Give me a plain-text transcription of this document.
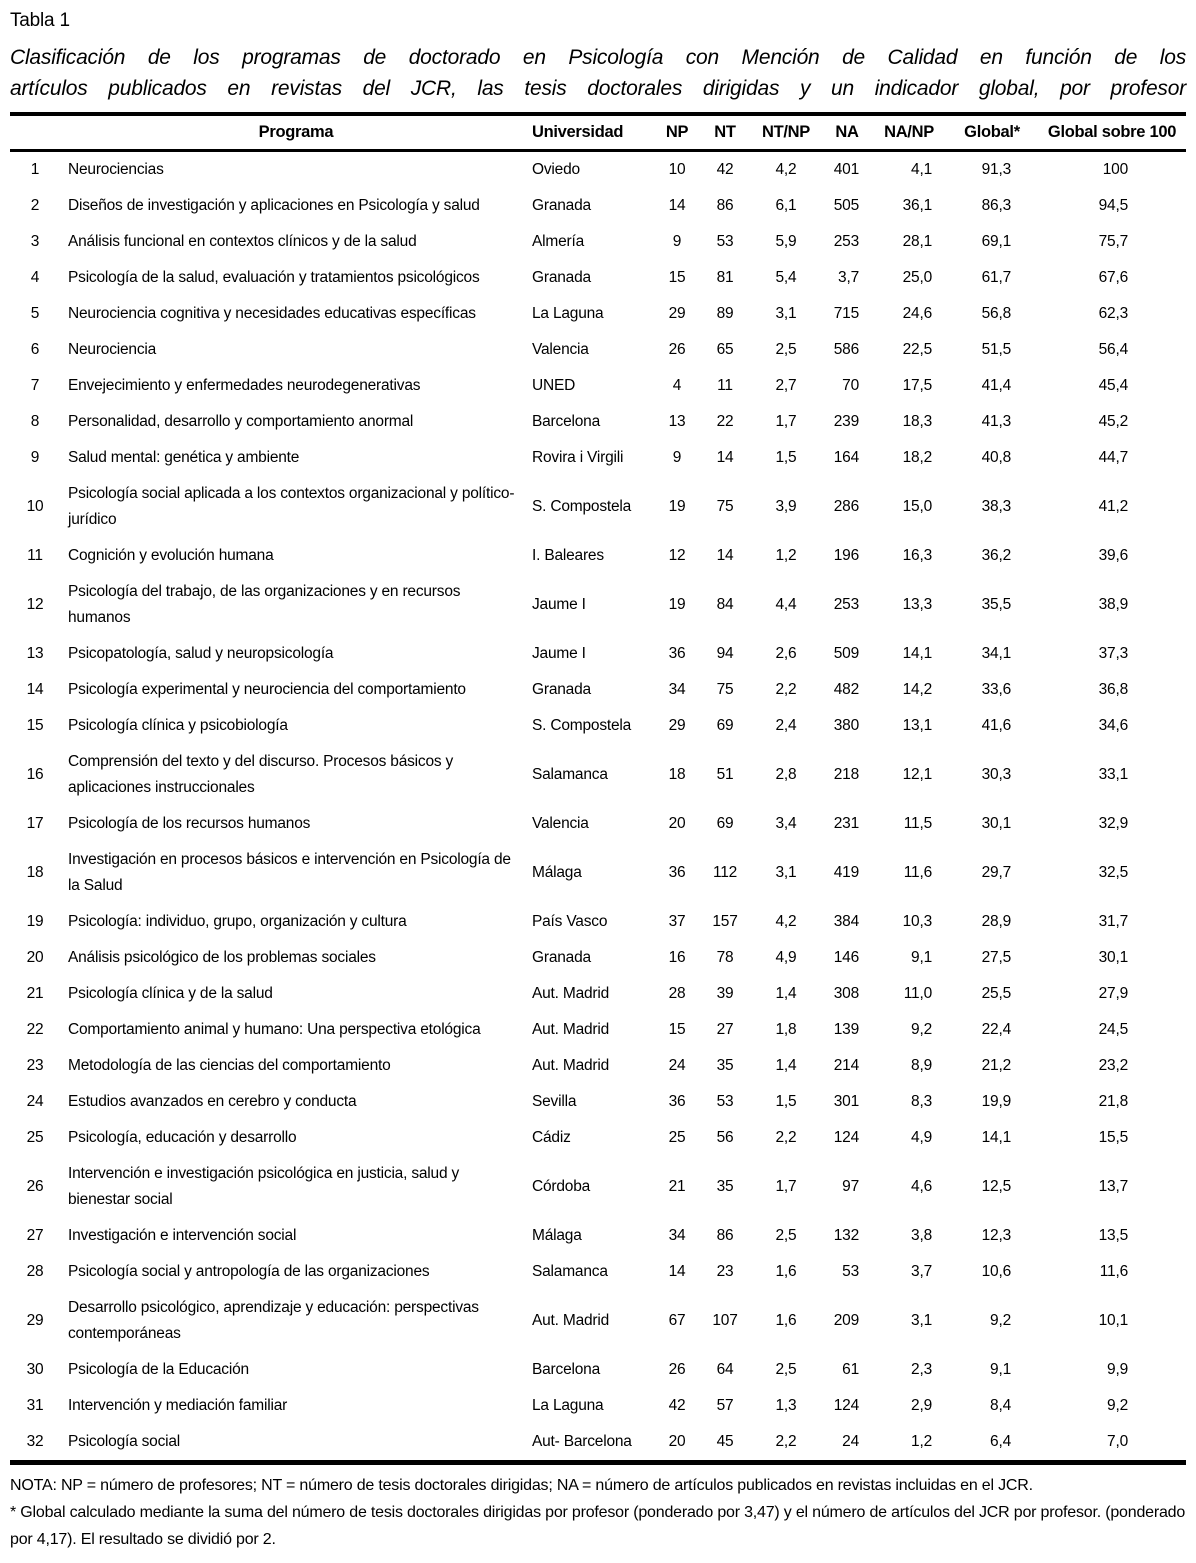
Tabla 1
Clasificación de los programas de doctorado en Psicología con Mención de Calidad en función de los
artículos publicados en revistas del JCR, las tesis doctorales dirigidas y un indicador global, por profesor
	Programa	Universidad	NP	NT	NT/NP	NA	NA/NP	Global*	Global sobre 100
1	Neurociencias	Oviedo	10	42	4,2	401	4,1	91,3	100
2	Diseños de investigación y aplicaciones en Psicología y salud	Granada	14	86	6,1	505	36,1	86,3	94,5
3	Análisis funcional en contextos clínicos y de la salud	Almería	9	53	5,9	253	28,1	69,1	75,7
4	Psicología de la salud, evaluación y tratamientos psicológicos	Granada	15	81	5,4	3,7	25,0	61,7	67,6
5	Neurociencia cognitiva y necesidades educativas específicas	La Laguna	29	89	3,1	715	24,6	56,8	62,3
6	Neurociencia	Valencia	26	65	2,5	586	22,5	51,5	56,4
7	Envejecimiento y enfermedades neurodegenerativas	UNED	4	11	2,7	70	17,5	41,4	45,4
8	Personalidad, desarrollo y comportamiento anormal	Barcelona	13	22	1,7	239	18,3	41,3	45,2
9	Salud mental: genética y ambiente	Rovira i Virgili	9	14	1,5	164	18,2	40,8	44,7
10	Psicología social aplicada a los contextos organizacional y político-jurídico	S. Compostela	19	75	3,9	286	15,0	38,3	41,2
11	Cognición y evolución humana	I. Baleares	12	14	1,2	196	16,3	36,2	39,6
12	Psicología del trabajo, de las organizaciones y en recursos humanos	Jaume I	19	84	4,4	253	13,3	35,5	38,9
13	Psicopatología, salud y neuropsicología	Jaume I	36	94	2,6	509	14,1	34,1	37,3
14	Psicología experimental y neurociencia del comportamiento	Granada	34	75	2,2	482	14,2	33,6	36,8
15	Psicología clínica y psicobiología	S. Compostela	29	69	2,4	380	13,1	41,6	34,6
16	Comprensión del texto y del discurso. Procesos básicos y aplicaciones instruccionales	Salamanca	18	51	2,8	218	12,1	30,3	33,1
17	Psicología de los recursos humanos	Valencia	20	69	3,4	231	11,5	30,1	32,9
18	Investigación en procesos básicos e intervención en Psicología de la Salud	Málaga	36	112	3,1	419	11,6	29,7	32,5
19	Psicología: individuo, grupo, organización y cultura	País Vasco	37	157	4,2	384	10,3	28,9	31,7
20	Análisis psicológico de los problemas sociales	Granada	16	78	4,9	146	9,1	27,5	30,1
21	Psicología clínica y de la salud	Aut. Madrid	28	39	1,4	308	11,0	25,5	27,9
22	Comportamiento animal y humano: Una perspectiva etológica	Aut. Madrid	15	27	1,8	139	9,2	22,4	24,5
23	Metodología de las ciencias del comportamiento	Aut. Madrid	24	35	1,4	214	8,9	21,2	23,2
24	Estudios avanzados en cerebro y conducta	Sevilla	36	53	1,5	301	8,3	19,9	21,8
25	Psicología, educación y desarrollo	Cádiz	25	56	2,2	124	4,9	14,1	15,5
26	Intervención e investigación psicológica en justicia, salud y bienestar social	Córdoba	21	35	1,7	97	4,6	12,5	13,7
27	Investigación e intervención social	Málaga	34	86	2,5	132	3,8	12,3	13,5
28	Psicología social y antropología de las organizaciones	Salamanca	14	23	1,6	53	3,7	10,6	11,6
29	Desarrollo psicológico, aprendizaje y educación: perspectivas contemporáneas	Aut. Madrid	67	107	1,6	209	3,1	9,2	10,1
30	Psicología de la Educación	Barcelona	26	64	2,5	61	2,3	9,1	9,9
31	Intervención y mediación familiar	La Laguna	42	57	1,3	124	2,9	8,4	9,2
32	Psicología social	Aut- Barcelona	20	45	2,2	24	1,2	6,4	7,0
NOTA: NP = número de profesores; NT = número de tesis doctorales dirigidas; NA = número de artículos publicados en revistas incluidas en el JCR.
* Global calculado mediante la suma del número de tesis doctorales dirigidas por profesor (ponderado por 3,47) y el número de artículos del JCR por profesor. (ponderado por 4,17). El resultado se dividió por 2.
